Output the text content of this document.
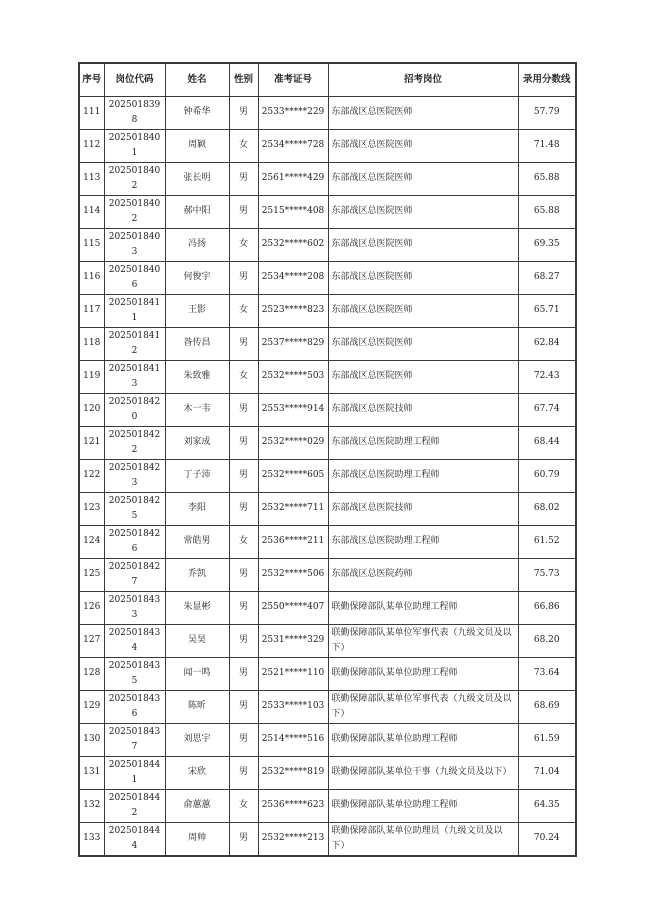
序号	岗位代码	姓名	性别	准考证号	招考岗位	录用分数线
111	2025018398	钟希华	男	2533*****229	东部战区总医院医师	57.79
112	2025018401	周颖	女	2534*****728	东部战区总医院医师	71.48
113	2025018402	张长明	男	2561*****429	东部战区总医院医师	65.88
114	2025018402	郝中阳	男	2515*****408	东部战区总医院医师	65.88
115	2025018403	冯扬	女	2532*****602	东部战区总医院医师	69.35
116	2025018406	何俊宇	男	2534*****208	东部战区总医院医师	68.27
117	2025018411	王影	女	2523*****823	东部战区总医院医师	65.71
118	2025018412	昝传昌	男	2537*****829	东部战区总医院医师	62.84
119	2025018413	朱致雅	女	2532*****503	东部战区总医院医师	72.43
120	2025018420	木一韦	男	2553*****914	东部战区总医院技师	67.74
121	2025018422	刘家成	男	2532*****029	东部战区总医院助理工程师	68.44
122	2025018423	丁子沛	男	2532*****605	东部战区总医院助理工程师	60.79
123	2025018425	李阳	男	2532*****711	东部战区总医院技师	68.02
124	2025018426	常皓男	女	2536*****211	东部战区总医院助理工程师	61.52
125	2025018427	乔凯	男	2532*****506	东部战区总医院药师	75.73
126	2025018433	朱显彬	男	2550*****407	联勤保障部队某单位助理工程师	66.86
127	2025018434	吴昊	男	2531*****329	联勤保障部队某单位军事代表（九级文员及以下）	68.20
128	2025018435	闻一鸣	男	2521*****110	联勤保障部队某单位助理工程师	73.64
129	2025018436	陈昕	男	2533*****103	联勤保障部队某单位军事代表（九级文员及以下）	68.69
130	2025018437	刘思宇	男	2514*****516	联勤保障部队某单位助理工程师	61.59
131	2025018441	宋欣	男	2532*****819	联勤保障部队某单位干事（九级文员及以下）	71.04
132	2025018442	俞蕙蕙	女	2536*****623	联勤保障部队某单位助理工程师	64.35
133	2025018444	周帅	男	2532*****213	联勤保障部队某单位助理员（九级文员及以下）	70.24
